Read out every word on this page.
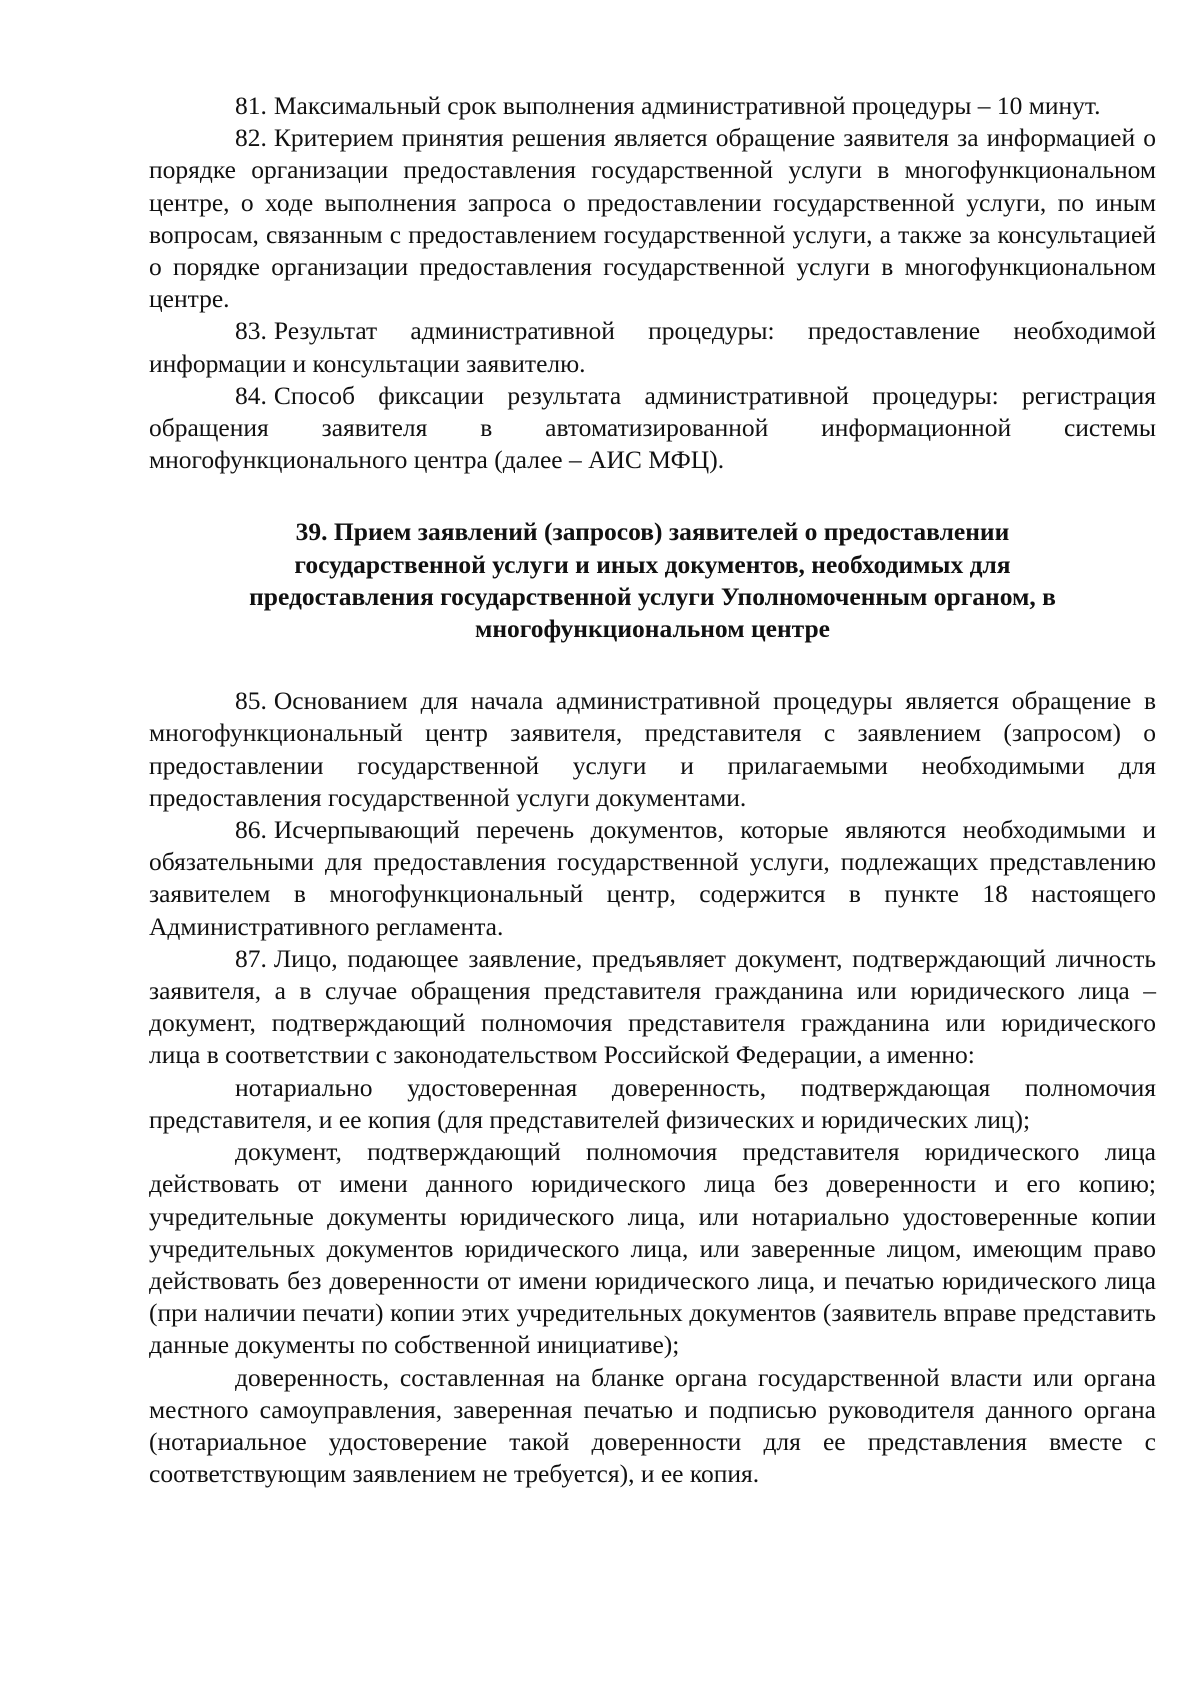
81. Максимальный срок выполнения административной процедуры – 10 минут.

82. Критерием принятия решения является обращение заявителя за информацией о порядке организации предоставления государственной услуги в многофункциональном центре, о ходе выполнения запроса о предоставлении государственной услуги, по иным вопросам, связанным с предоставлением государственной услуги, а также за консультацией о порядке организации предоставления государственной услуги в многофункциональном центре.

83. Результат административной процедуры: предоставление необходимой информации и консультации заявителю.

84. Способ фиксации результата административной процедуры: регистрация обращения заявителя в автоматизированной информационной системы многофункционального центра (далее – АИС МФЦ).

39. Прием заявлений (запросов) заявителей о предоставлении
государственной услуги и иных документов, необходимых для
предоставления государственной услуги Уполномоченным органом, в
многофункциональном центре

85. Основанием для начала административной процедуры является обращение в многофункциональный центр заявителя, представителя с заявлением (запросом) о предоставлении государственной услуги и прилагаемыми необходимыми для предоставления государственной услуги документами.

86. Исчерпывающий перечень документов, которые являются необходимыми и обязательными для предоставления государственной услуги, подлежащих представлению заявителем в многофункциональный центр, содержится в пункте 18 настоящего Административного регламента.

87. Лицо, подающее заявление, предъявляет документ, подтверждающий личность заявителя, а в случае обращения представителя гражданина или юридического лица – документ, подтверждающий полномочия представителя гражданина или юридического лица в соответствии с законодательством Российской Федерации, а именно:

нотариально удостоверенная доверенность, подтверждающая полномочия представителя, и ее копия (для представителей физических и юридических лиц);

документ, подтверждающий полномочия представителя юридического лица действовать от имени данного юридического лица без доверенности и его копию; учредительные документы юридического лица, или нотариально удостоверенные копии учредительных документов юридического лица, или заверенные лицом, имеющим право действовать без доверенности от имени юридического лица, и печатью юридического лица (при наличии печати) копии этих учредительных документов (заявитель вправе представить данные документы по собственной инициативе);

доверенность, составленная на бланке органа государственной власти или органа местного самоуправления, заверенная печатью и подписью руководителя данного органа (нотариальное удостоверение такой доверенности для ее представления вместе с соответствующим заявлением не требуется), и ее копия.
